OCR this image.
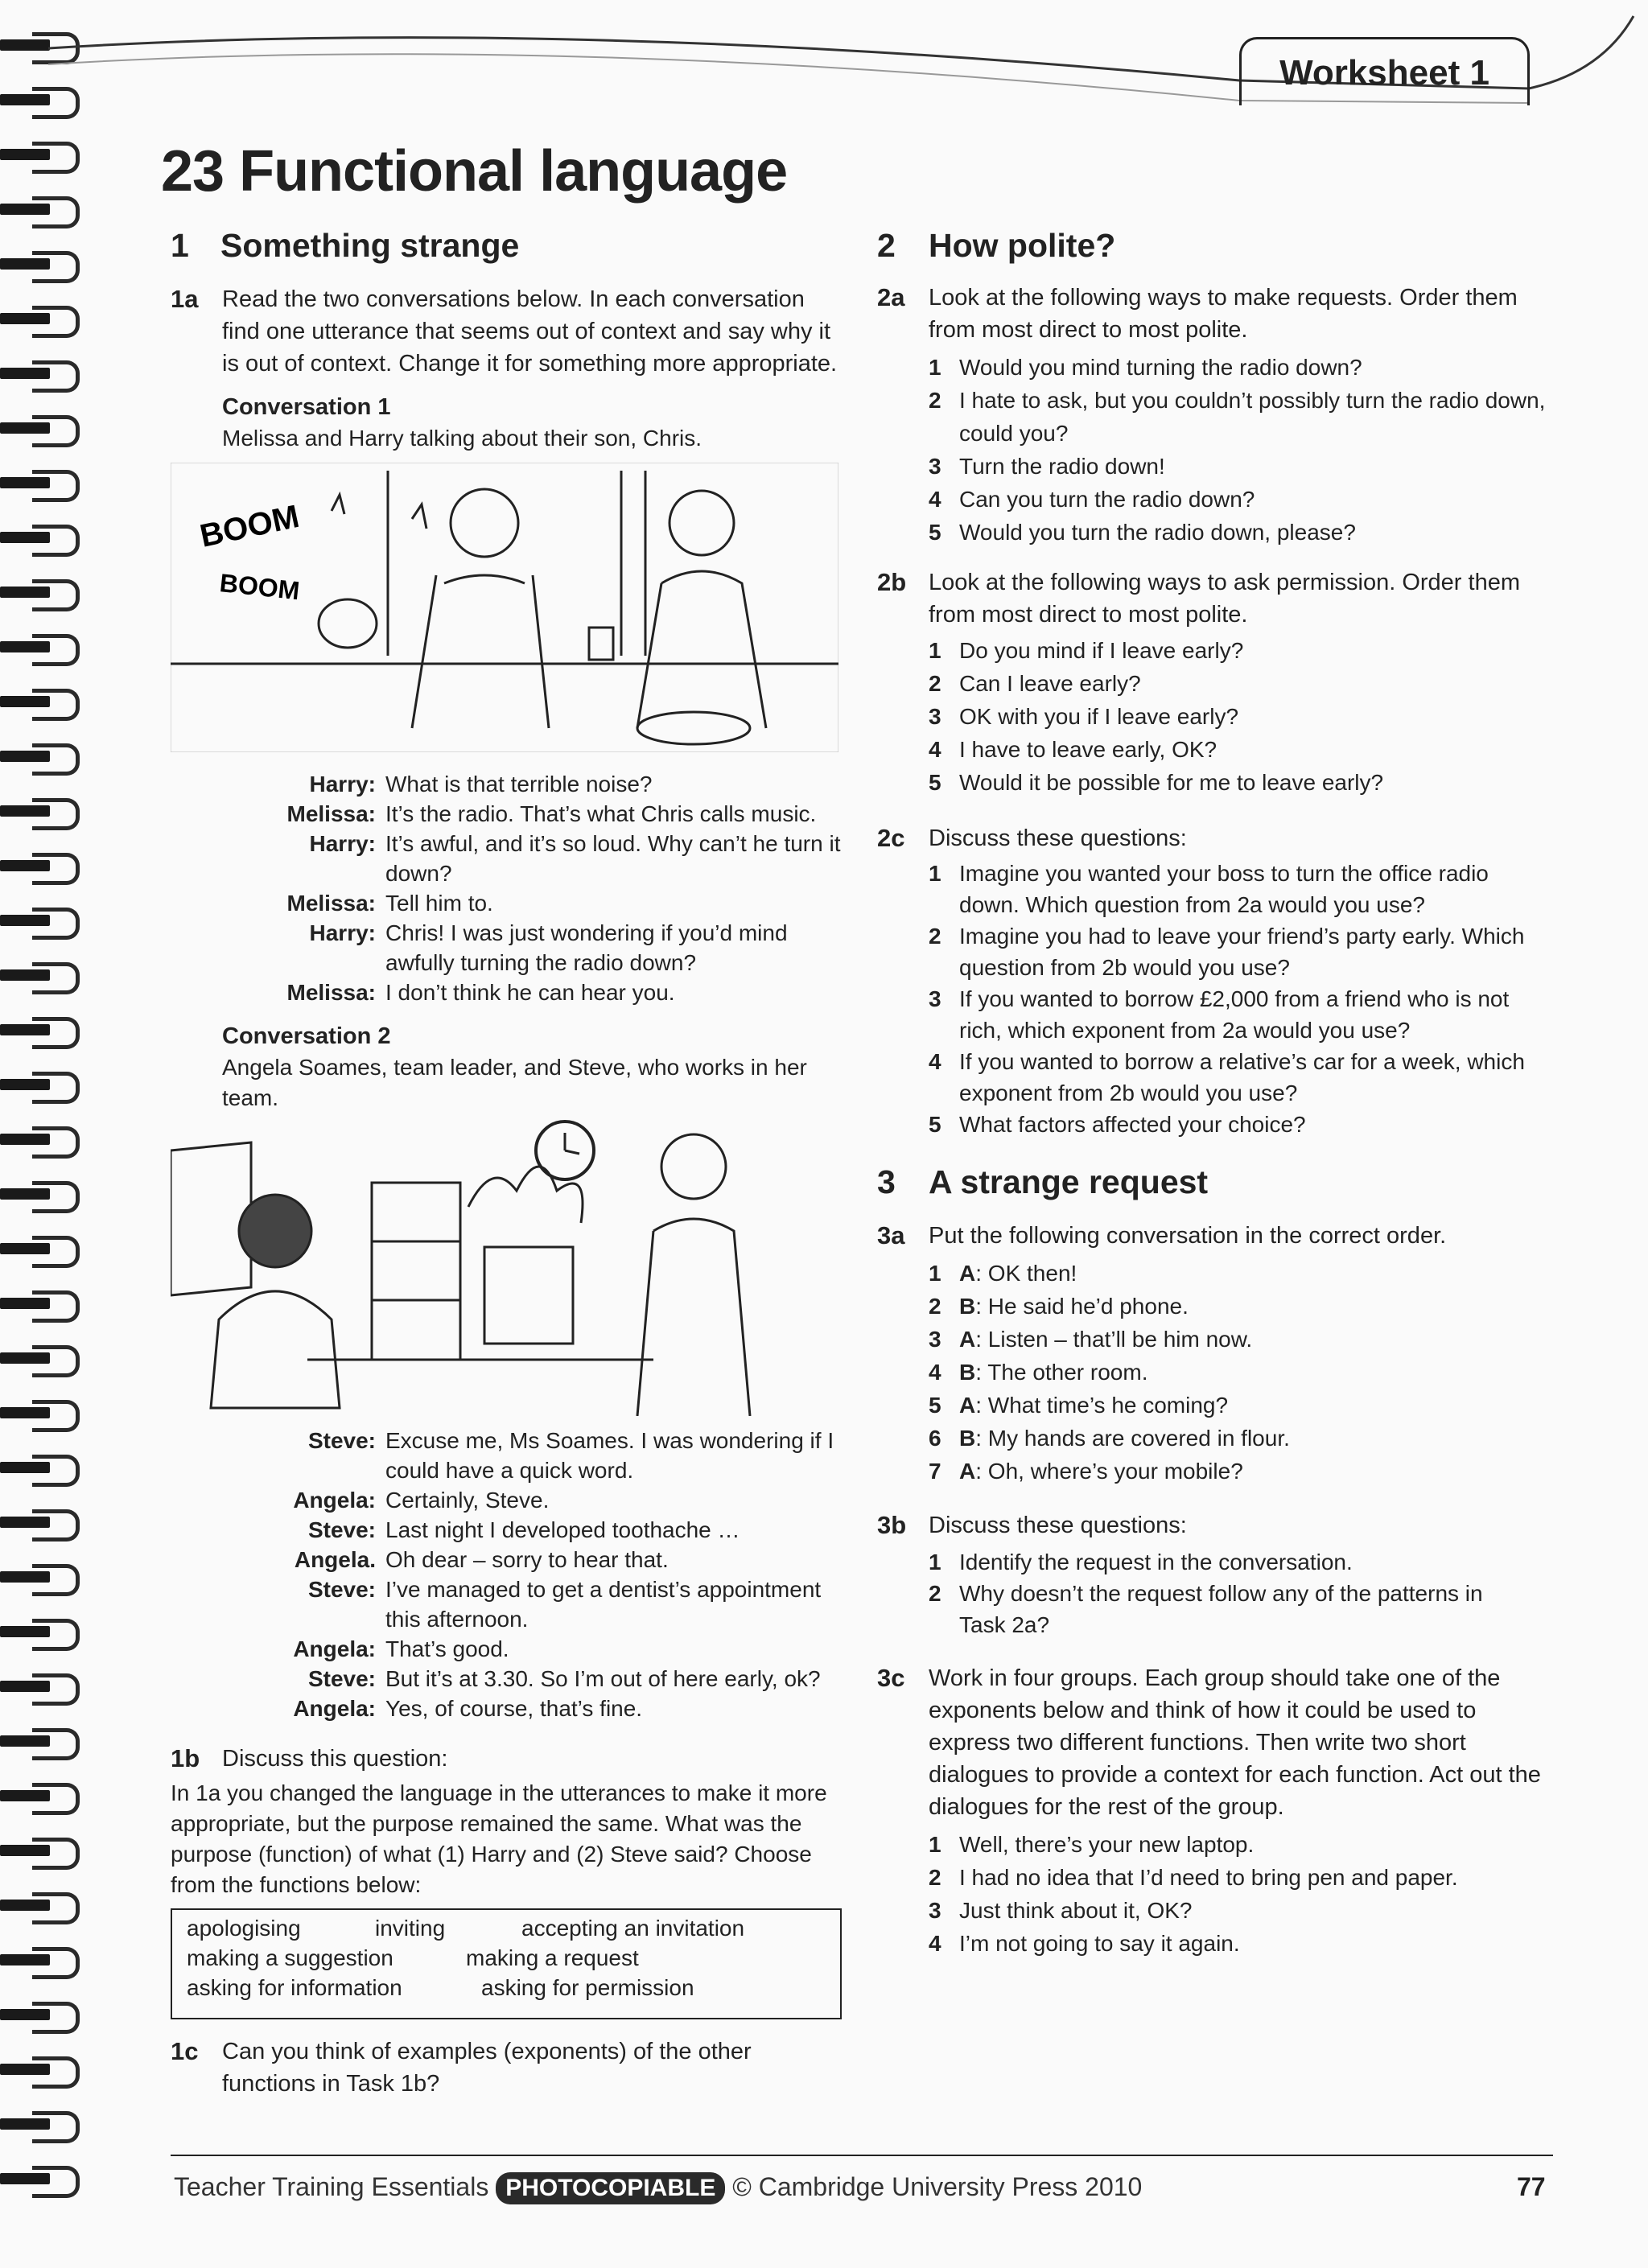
Worksheet 1
23 Functional language
1 Something strange
1a Read the two conversations below. In each conversation find one utterance that seems out of context and say why it is out of context. Change it for something more appropriate.
Conversation 1
Melissa and Harry talking about their son, Chris.
BOOM
BOOM
Harry: What is that terrible noise?
Melissa: It’s the radio. That’s what Chris calls music.
Harry: It’s awful, and it’s so loud. Why can’t he turn it down?
Melissa: Tell him to.
Harry: Chris! I was just wondering if you’d mind awfully turning the radio down?
Melissa: I don’t think he can hear you.
Conversation 2
Angela Soames, team leader, and Steve, who works in her team.
Steve: Excuse me, Ms Soames. I was wondering if I could have a quick word.
Angela: Certainly, Steve.
Steve: Last night I developed toothache …
Angela. Oh dear – sorry to hear that.
Steve: I’ve managed to get a dentist’s appointment this afternoon.
Angela: That’s good.
Steve: But it’s at 3.30. So I’m out of here early, ok?
Angela: Yes, of course, that’s fine.
1b Discuss this question:
In 1a you changed the language in the utterances to make it more appropriate, but the purpose remained the same. What was the purpose (function) of what (1) Harry and (2) Steve said? Choose from the functions below:
apologising	inviting	accepting an invitation
making a suggestion	making a request
asking for information	asking for permission
1c Can you think of examples (exponents) of the other functions in Task 1b?
2 How polite?
2a Look at the following ways to make requests. Order them from most direct to most polite.
1 Would you mind turning the radio down?
2 I hate to ask, but you couldn’t possibly turn the radio down, could you?
3 Turn the radio down!
4 Can you turn the radio down?
5 Would you turn the radio down, please?
2b Look at the following ways to ask permission. Order them from most direct to most polite.
1 Do you mind if I leave early?
2 Can I leave early?
3 OK with you if I leave early?
4 I have to leave early, OK?
5 Would it be possible for me to leave early?
2c Discuss these questions:
1 Imagine you wanted your boss to turn the office radio down. Which question from 2a would you use?
2 Imagine you had to leave your friend’s party early. Which question from 2b would you use?
3 If you wanted to borrow £2,000 from a friend who is not rich, which exponent from 2a would you use?
4 If you wanted to borrow a relative’s car for a week, which exponent from 2b would you use?
5 What factors affected your choice?
3 A strange request
3a Put the following conversation in the correct order.
1 A: OK then!
2 B: He said he’d phone.
3 A: Listen – that’ll be him now.
4 B: The other room.
5 A: What time’s he coming?
6 B: My hands are covered in flour.
7 A: Oh, where’s your mobile?
3b Discuss these questions:
1 Identify the request in the conversation.
2 Why doesn’t the request follow any of the patterns in Task 2a?
3c Work in four groups. Each group should take one of the exponents below and think of how it could be used to express two different functions. Then write two short dialogues to provide a context for each function. Act out the dialogues for the rest of the group.
1 Well, there’s your new laptop.
2 I had no idea that I’d need to bring pen and paper.
3 Just think about it, OK?
4 I’m not going to say it again.
Teacher Training Essentials PHOTOCOPIABLE © Cambridge University Press 2010	77
